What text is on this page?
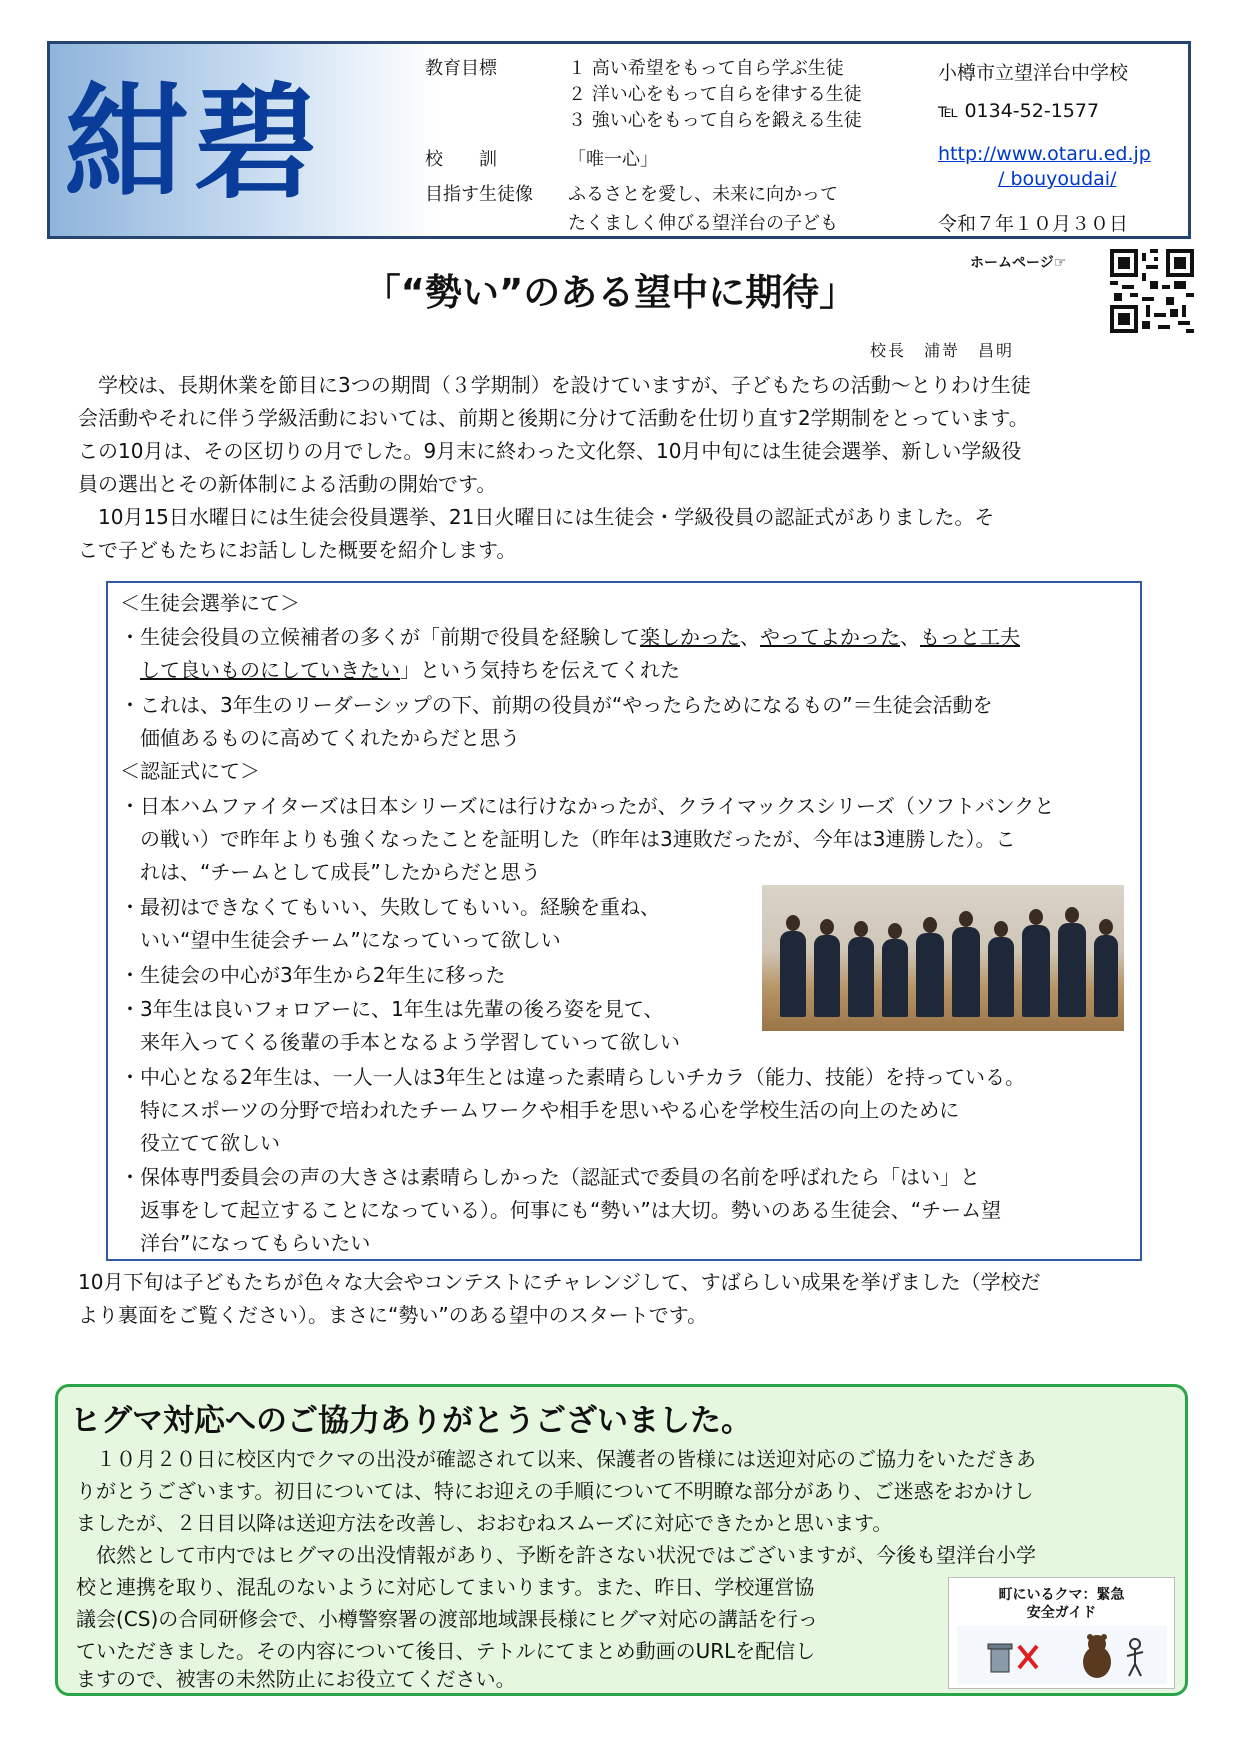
紺碧
教育目標	１ 高い希望をもって自ら学ぶ生徒
２ 洋い心をもって自らを律する生徒
３ 強い心をもって自らを鍛える生徒
校　　訓	「唯一心」
目指す生徒像	ふるさとを愛し、未来に向かって
たくましく伸びる望洋台の子ども
小樽市立望洋台中学校
℡ 0134-52-1577
http://www.otaru.ed.jp
/ bouyoudai/
令和７年１０月３０日
「“勢い”のある望中に期待」
ホームページ☞
校長　浦嵜　昌明
　学校は、長期休業を節目に3つの期間（３学期制）を設けていますが、子どもたちの活動～とりわけ生徒
会活動やそれに伴う学級活動においては、前期と後期に分けて活動を仕切り直す2学期制をとっています。
この10月は、その区切りの月でした。9月末に終わった文化祭、10月中旬には生徒会選挙、新しい学級役
員の選出とその新体制による活動の開始です。
　10月15日水曜日には生徒会役員選挙、21日火曜日には生徒会・学級役員の認証式がありました。そ
こで子どもたちにお話しした概要を紹介します。
＜生徒会選挙にて＞
・生徒会役員の立候補者の多くが「前期で役員を経験して楽しかった、やってよかった、もっと工夫
して良いものにしていきたい」という気持ちを伝えてくれた
・これは、3年生のリーダーシップの下、前期の役員が“やったらためになるもの”＝生徒会活動を
　価値あるものに高めてくれたからだと思う
＜認証式にて＞
・日本ハムファイターズは日本シリーズには行けなかったが、クライマックスシリーズ（ソフトバンクと
　の戦い）で昨年よりも強くなったことを証明した（昨年は3連敗だったが、今年は3連勝した）。こ
　れは、“チームとして成長”したからだと思う
・最初はできなくてもいい、失敗してもいい。経験を重ね、
　いい“望中生徒会チーム”になっていって欲しい
・生徒会の中心が3年生から2年生に移った
・3年生は良いフォロアーに、1年生は先輩の後ろ姿を見て、
　来年入ってくる後輩の手本となるよう学習していって欲しい
・中心となる2年生は、一人一人は3年生とは違った素晴らしいチカラ（能力、技能）を持っている。
　特にスポーツの分野で培われたチームワークや相手を思いやる心を学校生活の向上のために
　役立てて欲しい
・保体専門委員会の声の大きさは素晴らしかった（認証式で委員の名前を呼ばれたら「はい」と
　返事をして起立することになっている）。何事にも“勢い”は大切。勢いのある生徒会、“チーム望
　洋台”になってもらいたい
10月下旬は子どもたちが色々な大会やコンテストにチャレンジして、すばらしい成果を挙げました（学校だ
より裏面をご覧ください）。まさに“勢い”のある望中のスタートです。
ヒグマ対応へのご協力ありがとうございました。
　１０月２０日に校区内でクマの出没が確認されて以来、保護者の皆様には送迎対応のご協力をいただきあ
りがとうございます。初日については、特にお迎えの手順について不明瞭な部分があり、ご迷惑をおかけし
ましたが、２日目以降は送迎方法を改善し、おおむねスムーズに対応できたかと思います。
　依然として市内ではヒグマの出没情報があり、予断を許さない状況ではございますが、今後も望洋台小学
校と連携を取り、混乱のないように対応してまいります。また、昨日、学校運営協
議会(CS)の合同研修会で、小樽警察署の渡部地域課長様にヒグマ対応の講話を行っ
ていただきました。その内容について後日、テトルにてまとめ動画のURLを配信し
ますので、被害の未然防止にお役立てください。
町にいるクマ：緊急
安全ガイド
